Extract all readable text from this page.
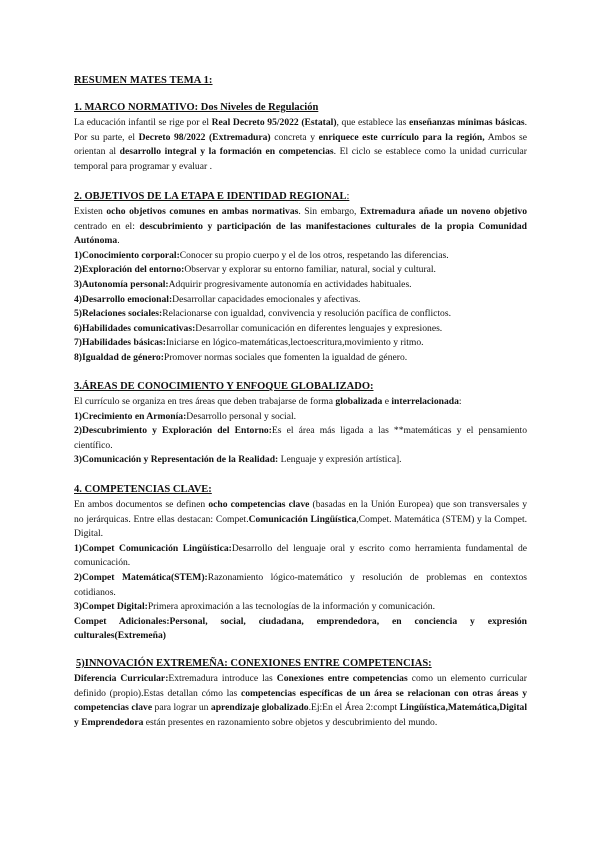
RESUMEN MATES TEMA 1:
1. MARCO NORMATIVO: Dos Niveles de Regulación

La educación infantil se rige por el Real Decreto 95/2022 (Estatal), que establece las enseñanzas mínimas básicas. Por su parte, el Decreto 98/2022 (Extremadura) concreta y enriquece este currículo para la región, Ambos se orientan al desarrollo integral y la formación en competencias. El ciclo se establece como la unidad curricular temporal para programar y evaluar .

2. OBJETIVOS DE LA ETAPA E IDENTIDAD REGIONAL:

Existen ocho objetivos comunes en ambas normativas. Sin embargo, Extremadura añade un noveno objetivo centrado en el: descubrimiento y participación de las manifestaciones culturales de la propia Comunidad Autónoma.

1)Conocimiento corporal:Conocer su propio cuerpo y el de los otros, respetando las diferencias.
2)Exploración del entorno:Observar y explorar su entorno familiar, natural, social y cultural.
3)Autonomía personal:Adquirir progresivamente autonomía en actividades habituales.
4)Desarrollo emocional:Desarrollar capacidades emocionales y afectivas.
5)Relaciones sociales:Relacionarse con igualdad, convivencia y resolución pacífica de conflictos.
6)Habilidades comunicativas:Desarrollar comunicación en diferentes lenguajes y expresiones.
7)Habilidades básicas:Iniciarse en lógico-matemáticas,lectoescritura,movimiento y ritmo.
8)Igualdad de género:Promover normas sociales que fomenten la igualdad de género.
3.ÁREAS DE CONOCIMIENTO Y ENFOQUE GLOBALIZADO:

El currículo se organiza en tres áreas que deben trabajarse de forma globalizada e interrelacionada:

1)Crecimiento en Armonía:Desarrollo personal y social.

2)Descubrimiento y Exploración del Entorno:Es el área más ligada a las **matemáticas y el pensamiento científico.

3)Comunicación y Representación de la Realidad: Lenguaje y expresión artística].
4. COMPETENCIAS CLAVE:

En ambos documentos se definen ocho competencias clave (basadas en la Unión Europea) que son transversales y no jerárquicas. Entre ellas destacan: Compet.Comunicación Lingüística,Compet. Matemática (STEM) y la Compet. Digital.

1)Compet Comunicación Lingüística:Desarrollo del lenguaje oral y escrito como herramienta fundamental de comunicación.

2)Compet Matemática(STEM):Razonamiento lógico-matemático y resolución de problemas en contextos cotidianos.

3)Compet Digital:Primera aproximación a las tecnologías de la información y comunicación.

Compet Adicionales:Personal, social, ciudadana, emprendedora, en conciencia y expresión culturales(Extremeña)

5)INNOVACIÓN EXTREMEÑA: CONEXIONES ENTRE COMPETENCIAS:

Diferencia Curricular:Extremadura introduce las Conexiones entre competencias como un elemento curricular definido (propio).Estas detallan cómo las competencias específicas de un área se relacionan con otras áreas y competencias clave para lograr un aprendizaje globalizado.Ej:En el Área 2:compt Lingüística,Matemática,Digital y Emprendedora están presentes en razonamiento sobre objetos y descubrimiento del mundo.
